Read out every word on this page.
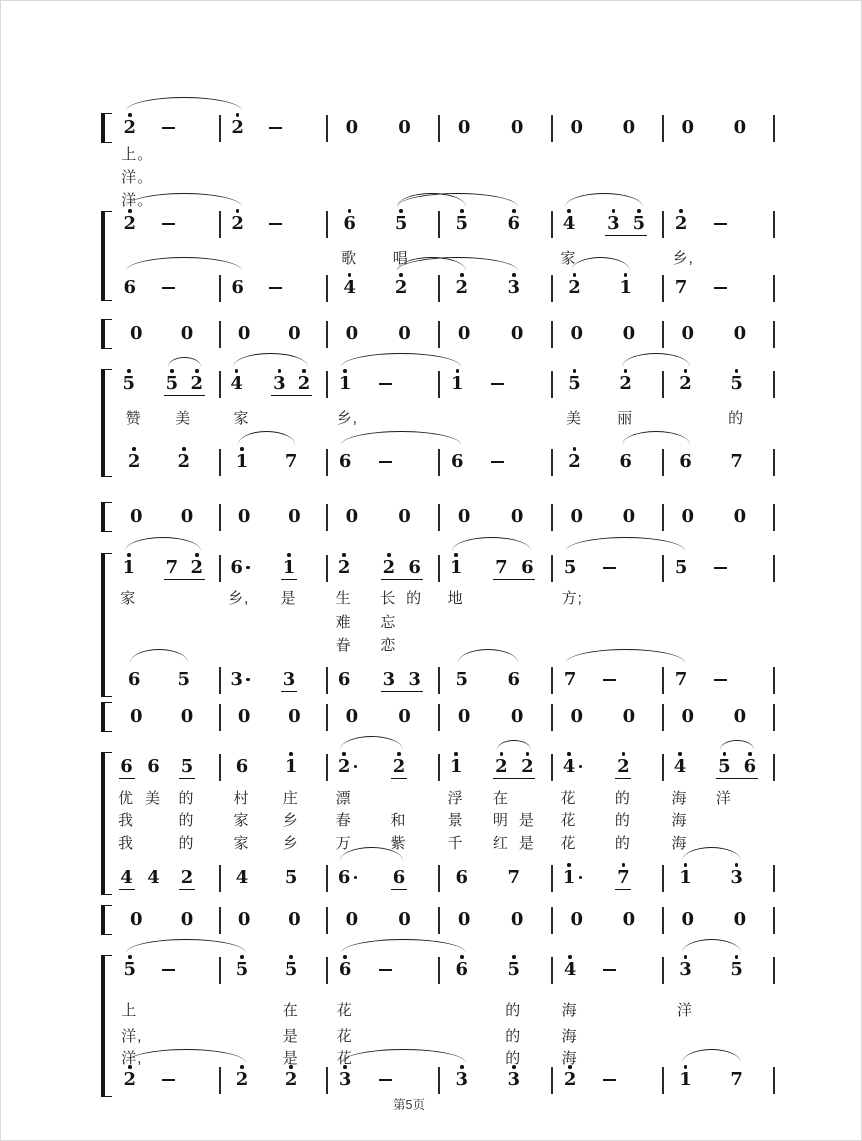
第5页
2	2	0 0	0 0	0 0	0 0
上。
洋。
洋。
2	2	6 5	5 6 4 3 5 2
6	6	4 2	2 3	2 1 7
歌 唱	家	乡,
0 0 0 0 0 0	0 0	0 0	0 0
5 5 2 4 3 2 1	1	5 2	2 5
2 2	1 7 6	6	2 6	6 7
赞 美	家	乡,	美 丽	的
0 0 0 0 0 0	0 0	0 0	0 0
1 7 2 6 1 2 2 6 1 7 6 5	5
6 5 3 3 6 3 3 5 6 7	7
家	乡, 是	生 长 的 地	方;
难 忘
眷 恋
0 0 0 0 0 0	0 0	0 0	0 0
6 6 5 6 1 2 2 1 2 2 4 2 4 5 6
4 4 2 4 5 6 6	6 7 1 7	1 3
优 美 的	村 庄 漂	浮 在	花	的	海 洋
我	的	家 乡 春	和	景 明 是 花	的	海
我	的	家 乡 万	紫	千 红 是 花	的	海
0 0 0 0 0 0	0 0	0 0	0 0
5	5 5 6	6 5 4	3 5
2	2 2 3	3 3 2	1 7
上	在	花	的	海	洋
洋,	是	花	的	海
洋,	是	花	的	海
